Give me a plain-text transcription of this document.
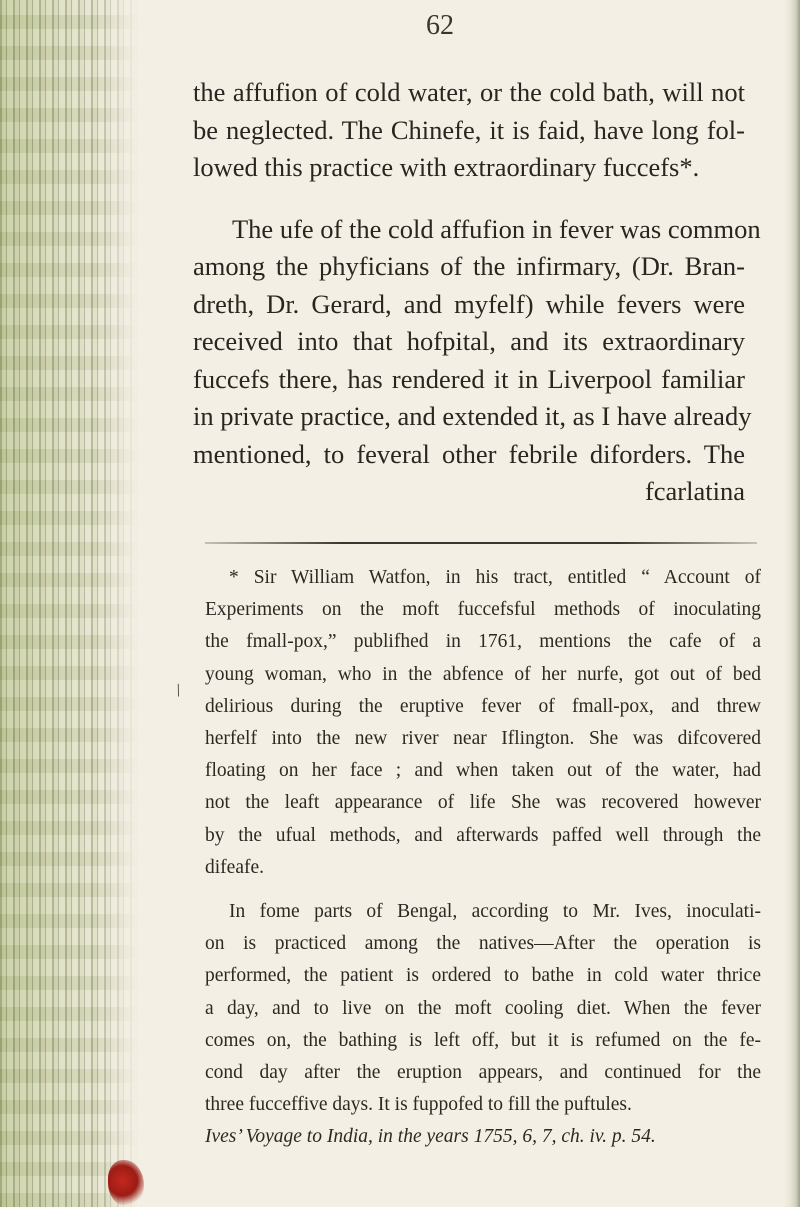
62

the affufion of cold water, or the cold bath, will not
be neglected. The Chinefe, it is faid, have long fol-
lowed this practice with extraordinary fuccefs*.

The ufe of the cold affufion in fever was common
among the phyficians of the infirmary, (Dr. Bran-
dreth, Dr. Gerard, and myfelf) while fevers were
received into that hofpital, and its extraordinary
fuccefs there, has rendered it in Liverpool familiar
in private practice, and extended it, as I have already
mentioned, to feveral other febrile diforders. The
fcarlatina

/

* Sir William Watfon, in his tract, entitled “ Account of
Experiments on the moft fuccefsful methods of inoculating
the fmall-pox,” publifhed in 1761, mentions the cafe of a
young woman, who in the abfence of her nurfe, got out of bed
delirious during the eruptive fever of fmall-pox, and threw
herfelf into the new river near Iflington. She was difcovered
floating on her face ; and when taken out of the water, had
not the leaft appearance of life She was recovered however
by the ufual methods, and afterwards paffed well through the
difeafe.

In fome parts of Bengal, according to Mr. Ives, inoculati-
on is practiced among the natives—After the operation is
performed, the patient is ordered to bathe in cold water thrice
a day, and to live on the moft cooling diet. When the fever
comes on, the bathing is left off, but it is refumed on the fe-
cond day after the eruption appears, and continued for the
three fucceffive days. It is fuppofed to fill the puftules.
Ives’ Voyage to India, in the years 1755, 6, 7, ch. iv. p. 54.
